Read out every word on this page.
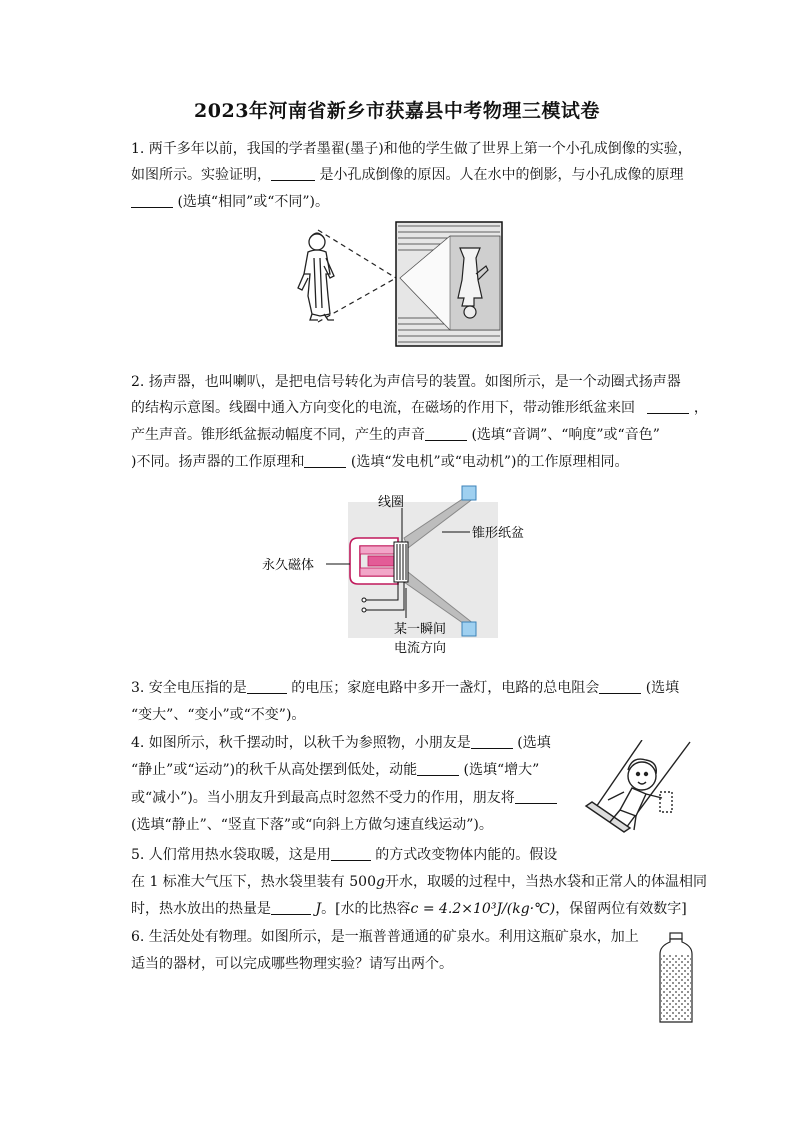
2023年河南省新乡市获嘉县中考物理三模试卷
1. 两千多年以前，我国的学者墨翟(墨子)和他的学生做了世界上第一个小孔成倒像的实验，
如图所示。实验证明，	是小孔成倒像的原因。人在水中的倒影，与小孔成像的原理
(选填“相同”或“不同”)。
2. 扬声器，也叫喇叭，是把电信号转化为声信号的装置。如图所示，是一个动圈式扬声器
的结构示意图。线圈中通入方向变化的电流，在磁场的作用下，带动锥形纸盆来回	，
产生声音。锥形纸盆振动幅度不同，产生的声音	(选填“音调”、“响度”或“音色”
)不同。扬声器的工作原理和	(选填“发电机”或“电动机”)的工作原理相同。
线圈
锥形纸盆
永久磁体
某一瞬间
电流方向
3. 安全电压指的是	的电压；家庭电路中多开一盏灯，电路的总电阻会	(选填
“变大”、“变小”或“不变”)。
4. 如图所示，秋千摆动时，以秋千为参照物，小朋友是	(选填
“静止”或“运动”)的秋千从高处摆到低处，动能	(选填“增大”
或“减小”)。当小朋友升到最高点时忽然不受力的作用，朋友将
(选填“静止”、“竖直下落”或“向斜上方做匀速直线运动”)。
5. 人们常用热水袋取暖，这是用	的方式改变物体内能的。假设
在 1 标准大气压下，热水袋里装有 500g开水，取暖的过程中，当热水袋和正常人的体温相同
时，热水放出的热量是	J。[水的比热容c = 4.2×10³J/(kg·℃)，保留两位有效数字]
6. 生活处处有物理。如图所示，是一瓶普普通通的矿泉水。利用这瓶矿泉水，加上
适当的器材，可以完成哪些物理实验？请写出两个。
